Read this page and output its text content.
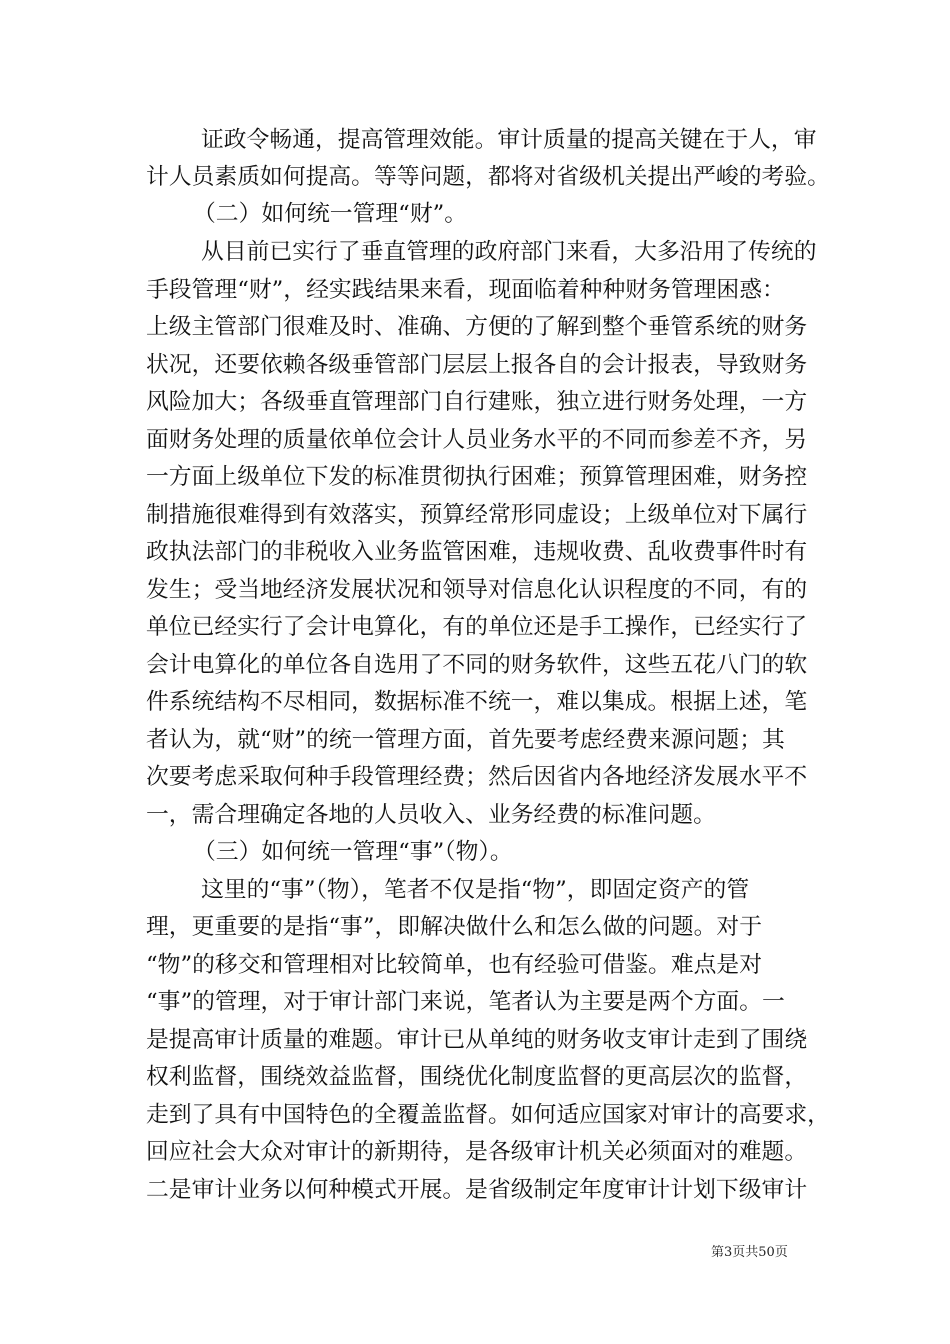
证政令畅通，提高管理效能。审计质量的提高关键在于人，审

计人员素质如何提高。等等问题，都将对省级机关提出严峻的考验。

（二）如何统一管理“财”。

从目前已实行了垂直管理的政府部门来看，大多沿用了传统的

手段管理“财”，经实践结果来看，现面临着种种财务管理困惑：

上级主管部门很难及时、准确、方便的了解到整个垂管系统的财务

状况，还要依赖各级垂管部门层层上报各自的会计报表，导致财务

风险加大；各级垂直管理部门自行建账，独立进行财务处理，一方

面财务处理的质量依单位会计人员业务水平的不同而参差不齐，另

一方面上级单位下发的标准贯彻执行困难；预算管理困难，财务控

制措施很难得到有效落实，预算经常形同虚设；上级单位对下属行

政执法部门的非税收入业务监管困难，违规收费、乱收费事件时有

发生；受当地经济发展状况和领导对信息化认识程度的不同，有的

单位已经实行了会计电算化，有的单位还是手工操作，已经实行了

会计电算化的单位各自选用了不同的财务软件，这些五花八门的软

件系统结构不尽相同，数据标准不统一，难以集成。根据上述，笔

者认为，就“财”的统一管理方面，首先要考虑经费来源问题；其

次要考虑采取何种手段管理经费；然后因省内各地经济发展水平不

一，需合理确定各地的人员收入、业务经费的标准问题。

（三）如何统一管理“事”（物）。

这里的“事”（物），笔者不仅是指“物”，即固定资产的管

理，更重要的是指“事”，即解决做什么和怎么做的问题。对于

“物”的移交和管理相对比较简单，也有经验可借鉴。难点是对

“事”的管理，对于审计部门来说，笔者认为主要是两个方面。一

是提高审计质量的难题。审计已从单纯的财务收支审计走到了围绕

权利监督，围绕效益监督，围绕优化制度监督的更高层次的监督，

走到了具有中国特色的全覆盖监督。如何适应国家对审计的高要求，

回应社会大众对审计的新期待，是各级审计机关必须面对的难题。

二是审计业务以何种模式开展。是省级制定年度审计计划下级审计

第3页共50页
